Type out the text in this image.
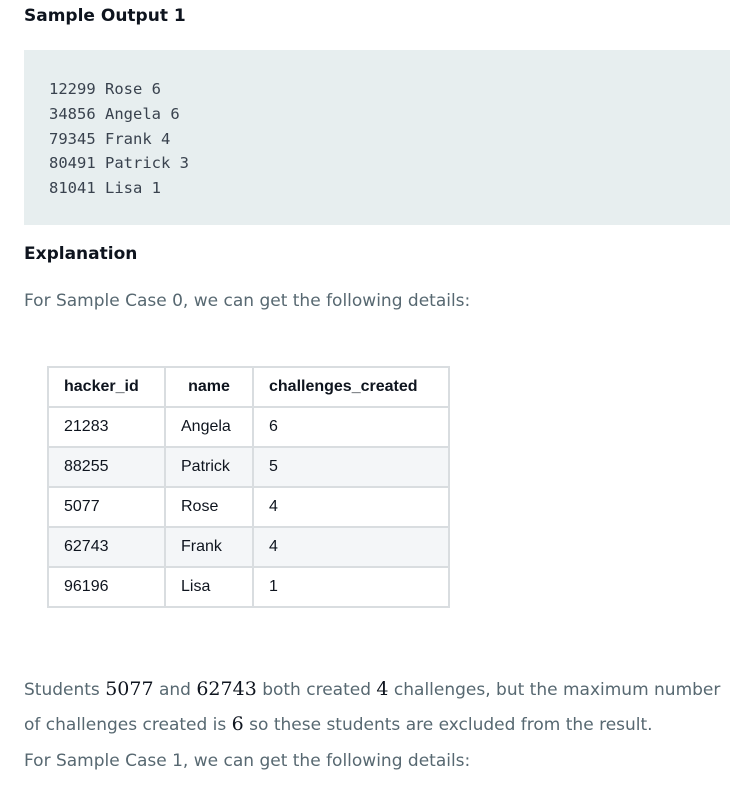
Sample Output 1
12299 Rose 6
34856 Angela 6
79345 Frank 4
80491 Patrick 3
81041 Lisa 1
Explanation

For Sample Case 0, we can get the following details:

hacker_id	name	challenges_created
21283	Angela	6
88255	Patrick	5
5077	Rose	4
62743	Frank	4
96196	Lisa	1

Students 5077 and 62743 both created 4 challenges, but the maximum number of challenges created is 6 so these students are excluded from the result.

For Sample Case 1, we can get the following details:
